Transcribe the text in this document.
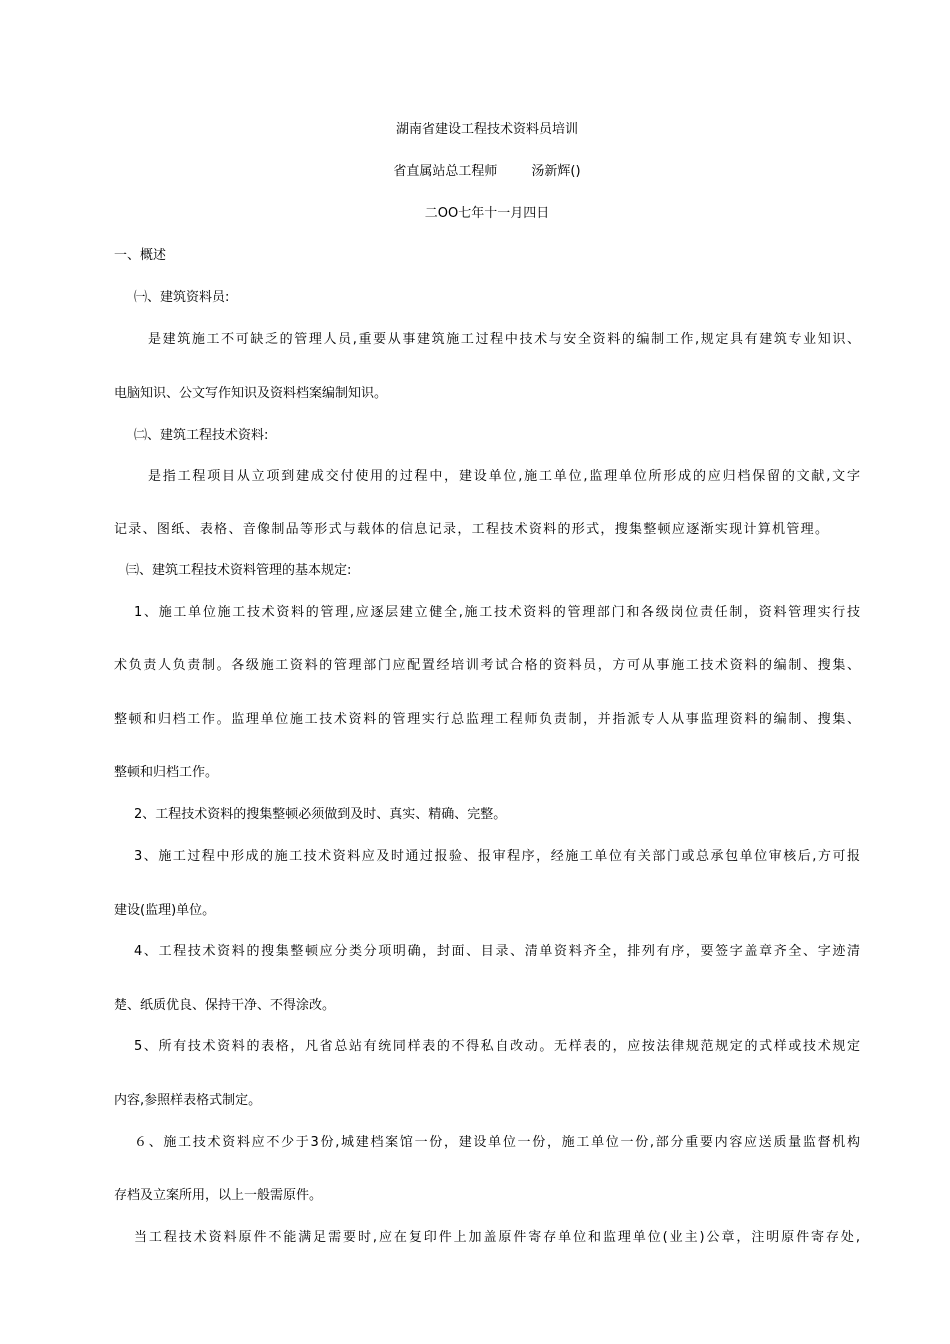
湖南省建设工程技术资料员培训

省直属站总工程师	汤新辉()

二OO七年十一月四日

一、概述

㈠、建筑资料员:

是建筑施工不可缺乏的管理人员,重要从事建筑施工过程中技术与安全资料的编制工作,规定具有建筑专业知识、

电脑知识、公文写作知识及资料档案编制知识。

㈡、建筑工程技术资料:

是指工程项目从立项到建成交付使用的过程中，建设单位,施工单位,监理单位所形成的应归档保留的文献,文字

记录、图纸、表格、音像制品等形式与载体的信息记录，工程技术资料的形式，搜集整顿应逐渐实现计算机管理。

㈢、建筑工程技术资料管理的基本规定:

1、施工单位施工技术资料的管理,应逐层建立健全,施工技术资料的管理部门和各级岗位责任制，资料管理实行技

术负责人负责制。各级施工资料的管理部门应配置经培训考试合格的资料员，方可从事施工技术资料的编制、搜集、

整顿和归档工作。监理单位施工技术资料的管理实行总监理工程师负责制，并指派专人从事监理资料的编制、搜集、

整顿和归档工作。

2、工程技术资料的搜集整顿必须做到及时、真实、精确、完整。

3、施工过程中形成的施工技术资料应及时通过报验、报审程序，经施工单位有关部门或总承包单位审核后,方可报

建设(监理)单位。

4、工程技术资料的搜集整顿应分类分项明确，封面、目录、清单资料齐全，排列有序，要签字盖章齐全、字迹清

楚、纸质优良、保持干净、不得涂改。

5、所有技术资料的表格，凡省总站有统同样表的不得私自改动。无样表的，应按法律规范规定的式样或技术规定

内容,参照样表格式制定。

６、施工技术资料应不少于3份,城建档案馆一份，建设单位一份，施工单位一份,部分重要内容应送质量监督机构

存档及立案所用，以上一般需原件。

当工程技术资料原件不能满足需要时,应在复印件上加盖原件寄存单位和监理单位(业主)公章，注明原件寄存处,
